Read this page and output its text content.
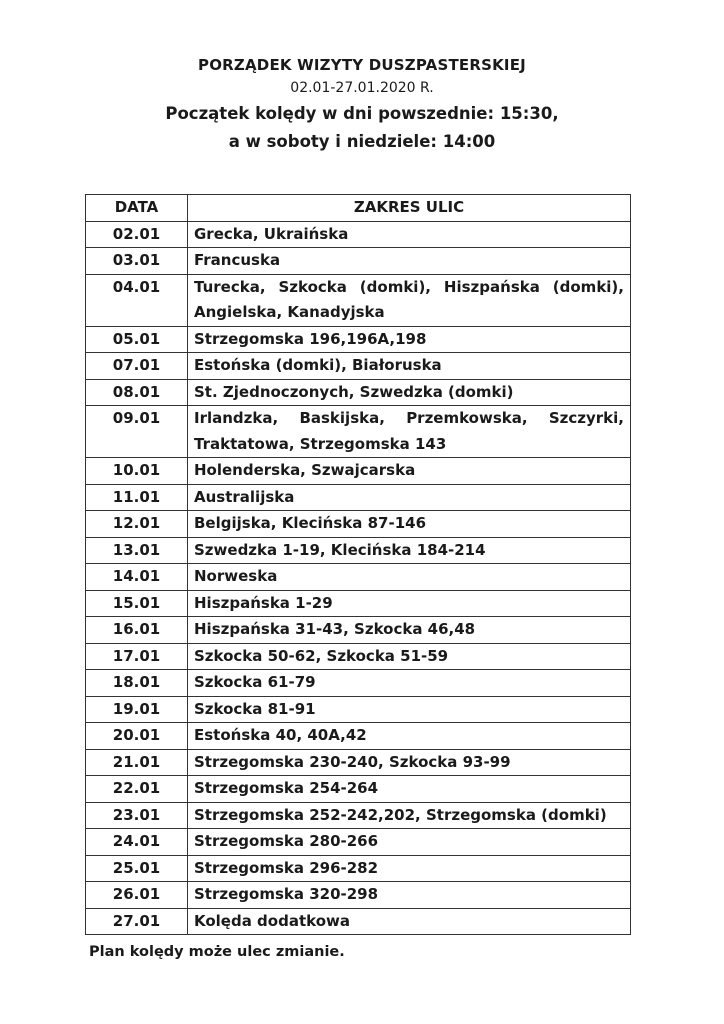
PORZĄDEK WIZYTY DUSZPASTERSKIEJ
02.01-27.01.2020 R.
Początek kolędy w dni powszednie: 15:30,
a w soboty i niedziele: 14:00
DATA	ZAKRES ULIC
02.01	Grecka, Ukraińska
03.01	Francuska
04.01	Turecka, Szkocka (domki), Hiszpańska (domki), Angielska, Kanadyjska
05.01	Strzegomska 196,196A,198
07.01	Estońska (domki), Białoruska
08.01	St. Zjednoczonych, Szwedzka (domki)
09.01	Irlandzka, Baskijska, Przemkowska, Szczyrki, Traktatowa, Strzegomska 143
10.01	Holenderska, Szwajcarska
11.01	Australijska
12.01	Belgijska, Klecińska 87-146
13.01	Szwedzka 1-19, Klecińska 184-214
14.01	Norweska
15.01	Hiszpańska 1-29
16.01	Hiszpańska 31-43, Szkocka 46,48
17.01	Szkocka 50-62, Szkocka 51-59
18.01	Szkocka 61-79
19.01	Szkocka 81-91
20.01	Estońska 40, 40A,42
21.01	Strzegomska 230-240, Szkocka 93-99
22.01	Strzegomska 254-264
23.01	Strzegomska 252-242,202, Strzegomska (domki)
24.01	Strzegomska 280-266
25.01	Strzegomska 296-282
26.01	Strzegomska 320-298
27.01	Kolęda dodatkowa
Plan kolędy może ulec zmianie.
